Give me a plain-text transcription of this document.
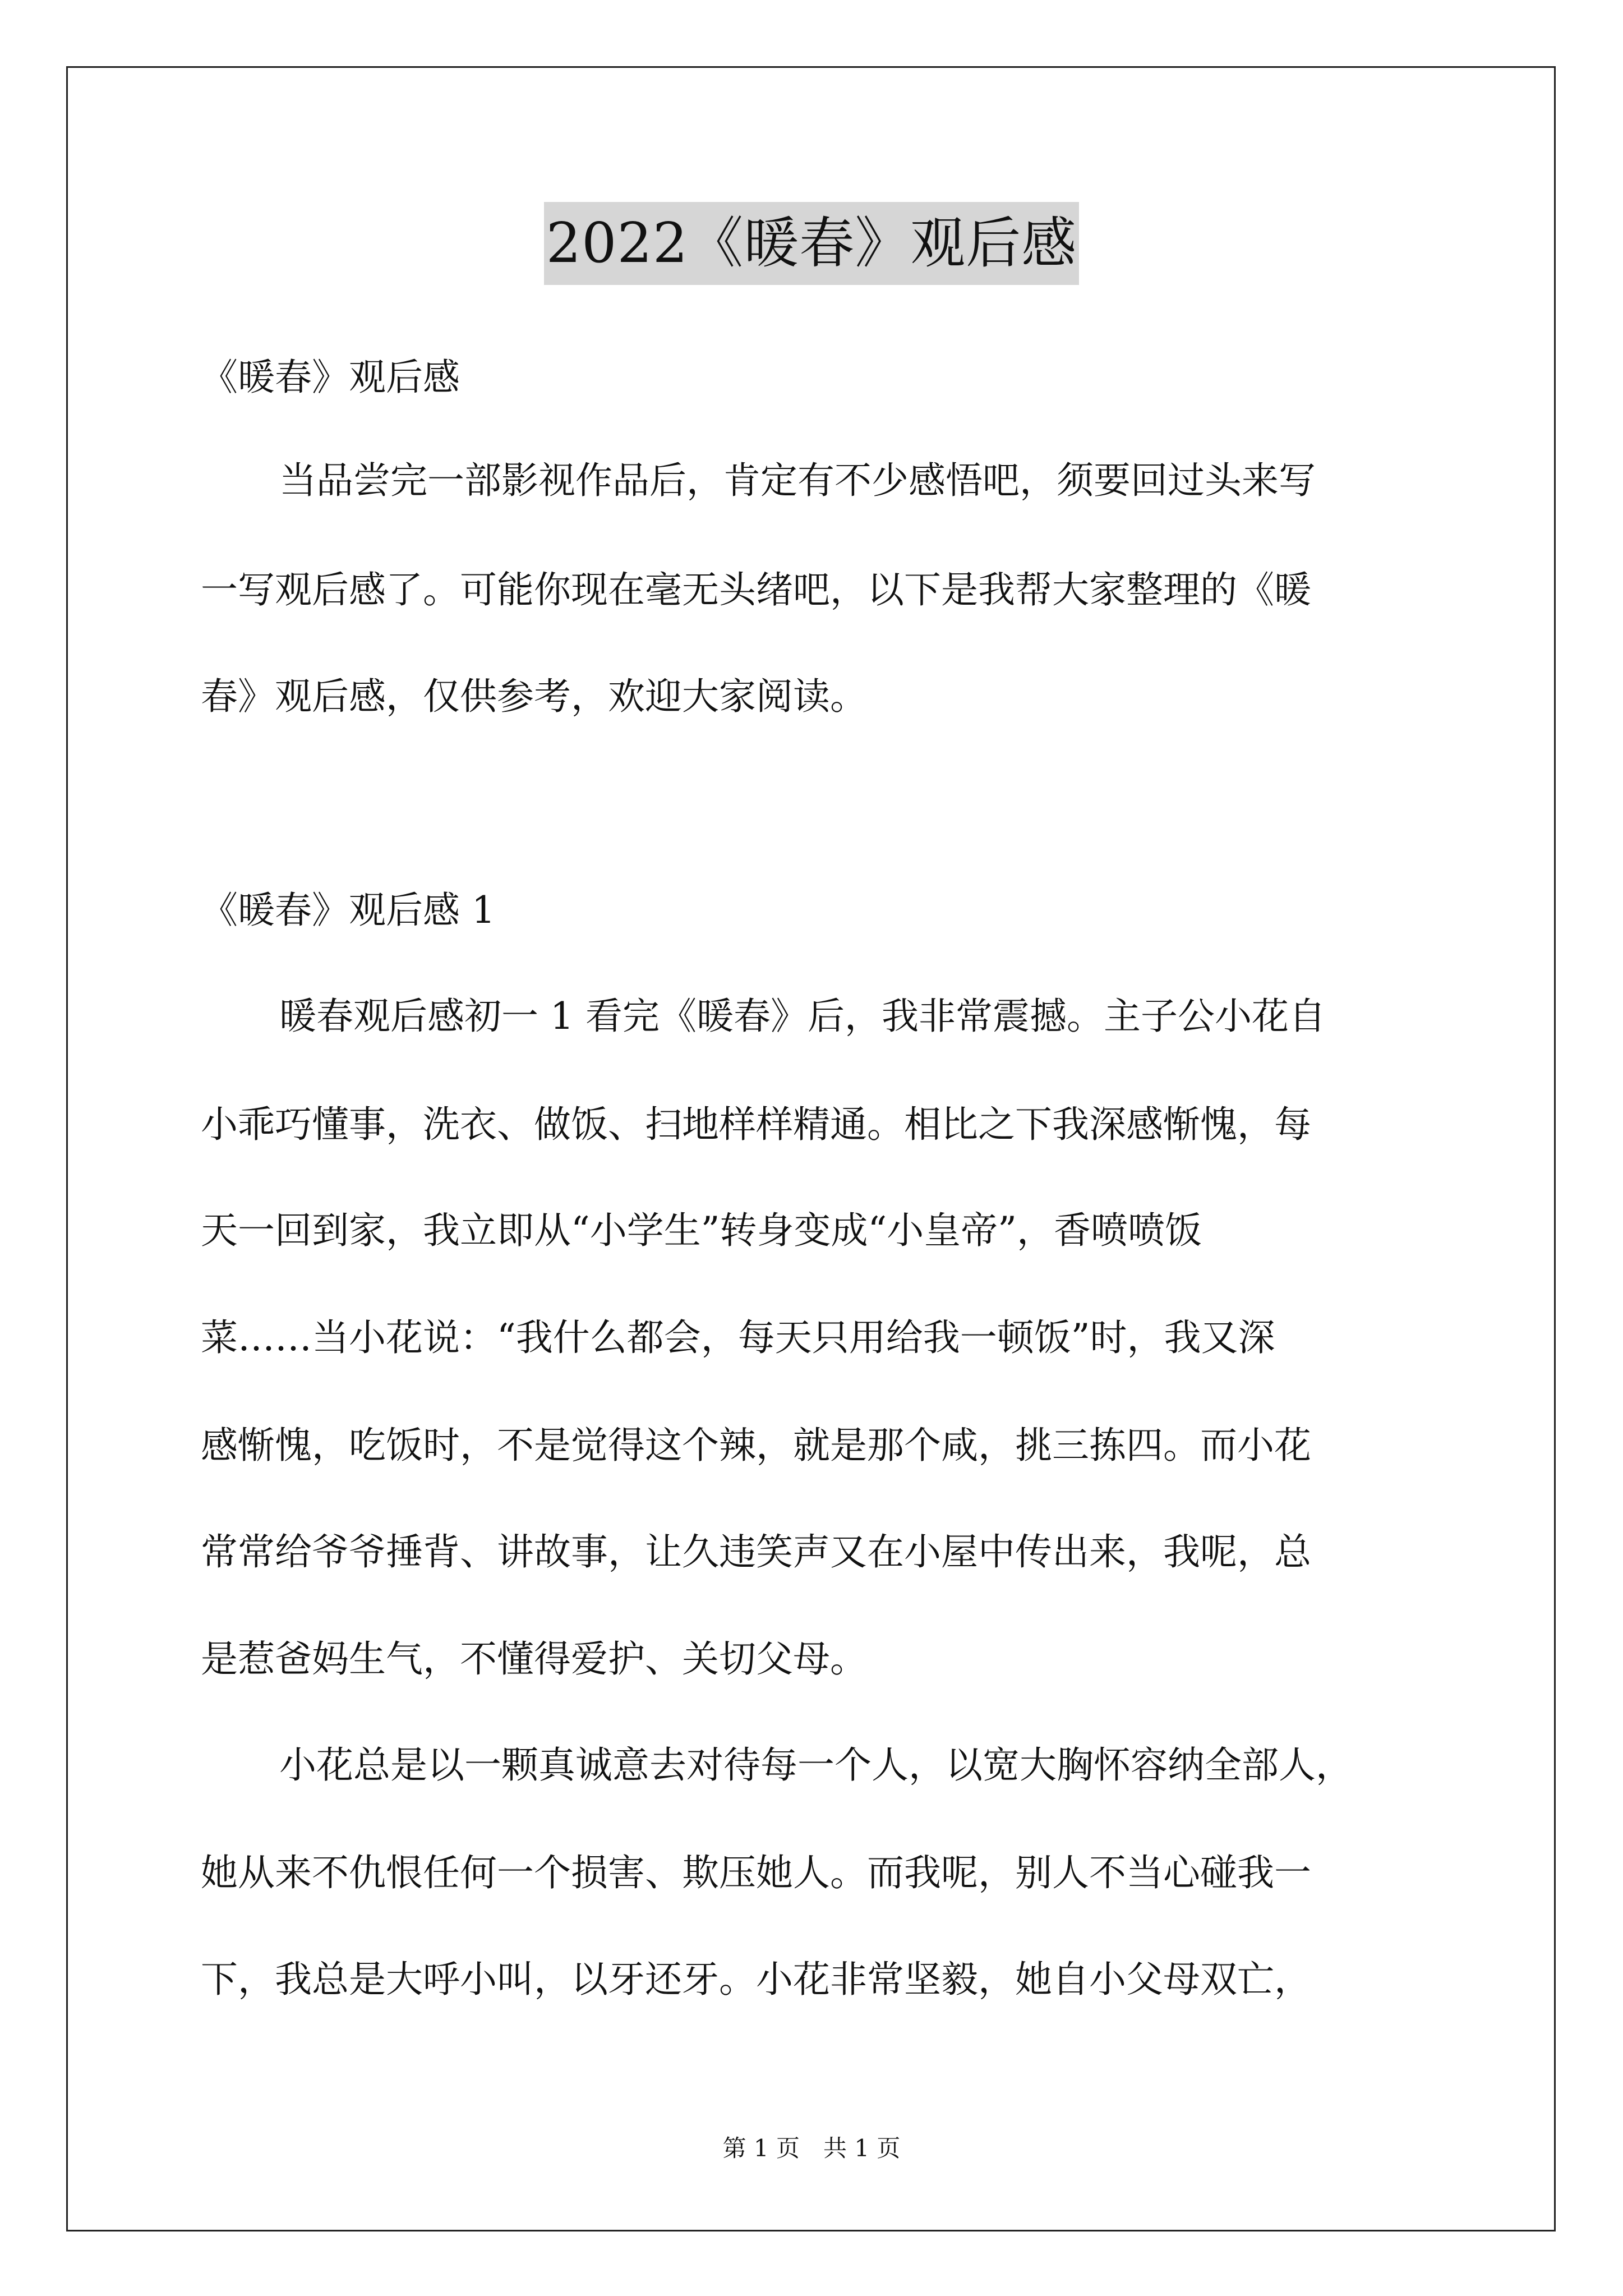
2022《暖春》观后感
《暖春》观后感
当品尝完一部影视作品后，肯定有不少感悟吧，须要回过头来写
一写观后感了。可能你现在毫无头绪吧，以下是我帮大家整理的《暖
春》观后感，仅供参考，欢迎大家阅读。
《暖春》观后感 1
暖春观后感初一 1 看完《暖春》后，我非常震撼。主子公小花自
小乖巧懂事，洗衣、做饭、扫地样样精通。相比之下我深感惭愧，每
天一回到家，我立即从“小学生”转身变成“小皇帝”，香喷喷饭
菜……当小花说：“我什么都会，每天只用给我一顿饭”时，我又深
感惭愧，吃饭时，不是觉得这个辣，就是那个咸，挑三拣四。而小花
常常给爷爷捶背、讲故事，让久违笑声又在小屋中传出来，我呢，总
是惹爸妈生气，不懂得爱护、关切父母。
小花总是以一颗真诚意去对待每一个人，以宽大胸怀容纳全部人，
她从来不仇恨任何一个损害、欺压她人。而我呢，别人不当心碰我一
下，我总是大呼小叫，以牙还牙。小花非常坚毅，她自小父母双亡，
第 1 页　共 1 页
